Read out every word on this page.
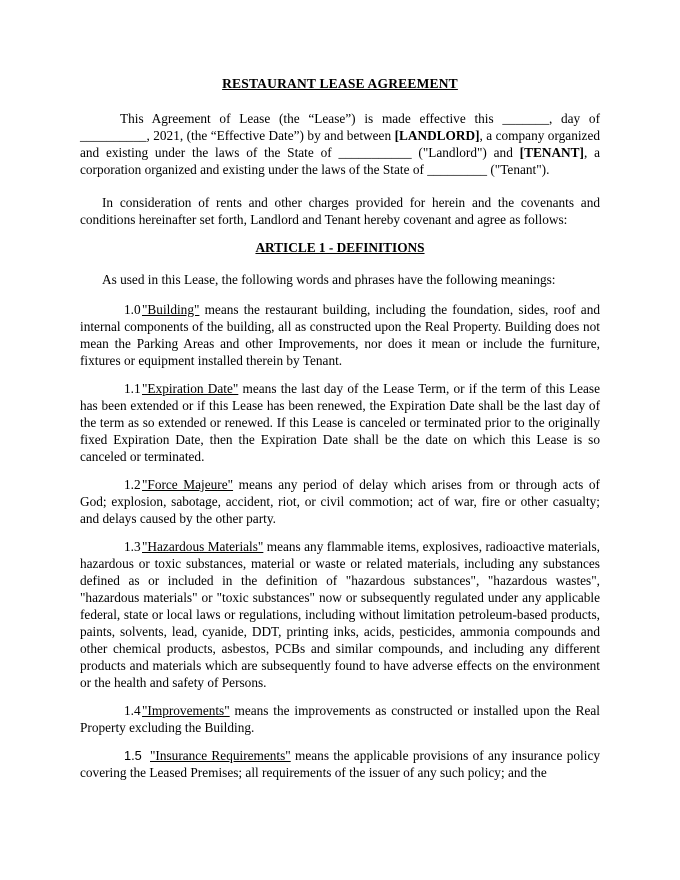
RESTAURANT LEASE AGREEMENT

This Agreement of Lease (the “Lease”) is made effective this _______, day of __________, 2021, (the “Effective Date”) by and between [LANDLORD], a company organized and existing under the laws of the State of ___________ ("Landlord") and [TENANT], a corporation organized and existing under the laws of the State of _________ ("Tenant").

In consideration of rents and other charges provided for herein and the covenants and conditions hereinafter set forth, Landlord and Tenant hereby covenant and agree as follows:

ARTICLE 1 - DEFINITIONS

As used in this Lease, the following words and phrases have the following meanings:

1.0"Building" means the restaurant building, including the foundation, sides, roof and internal components of the building, all as constructed upon the Real Property. Building does not mean the Parking Areas and other Improvements, nor does it mean or include the furniture, fixtures or equipment installed therein by Tenant.

1.1"Expiration Date" means the last day of the Lease Term, or if the term of this Lease has been extended or if this Lease has been renewed, the Expiration Date shall be the last day of the term as so extended or renewed. If this Lease is canceled or terminated prior to the originally fixed Expiration Date, then the Expiration Date shall be the date on which this Lease is so canceled or terminated.

1.2"Force Majeure" means any period of delay which arises from or through acts of God; explosion, sabotage, accident, riot, or civil commotion; act of war, fire or other casualty; and delays caused by the other party.

1.3"Hazardous Materials" means any flammable items, explosives, radioactive materials, hazardous or toxic substances, material or waste or related materials, including any substances defined as or included in the definition of "hazardous substances", "hazardous wastes", "hazardous materials" or "toxic substances" now or subsequently regulated under any applicable federal, state or local laws or regulations, including without limitation petroleum-based products, paints, solvents, lead, cyanide, DDT, printing inks, acids, pesticides, ammonia compounds and other chemical products, asbestos, PCBs and similar compounds, and including any different products and materials which are subsequently found to have adverse effects on the environment or the health and safety of Persons.

1.4"Improvements" means the improvements as constructed or installed upon the Real Property excluding the Building.

1.5 "Insurance Requirements" means the applicable provisions of any insurance policy covering the Leased Premises; all requirements of the issuer of any such policy; and the
